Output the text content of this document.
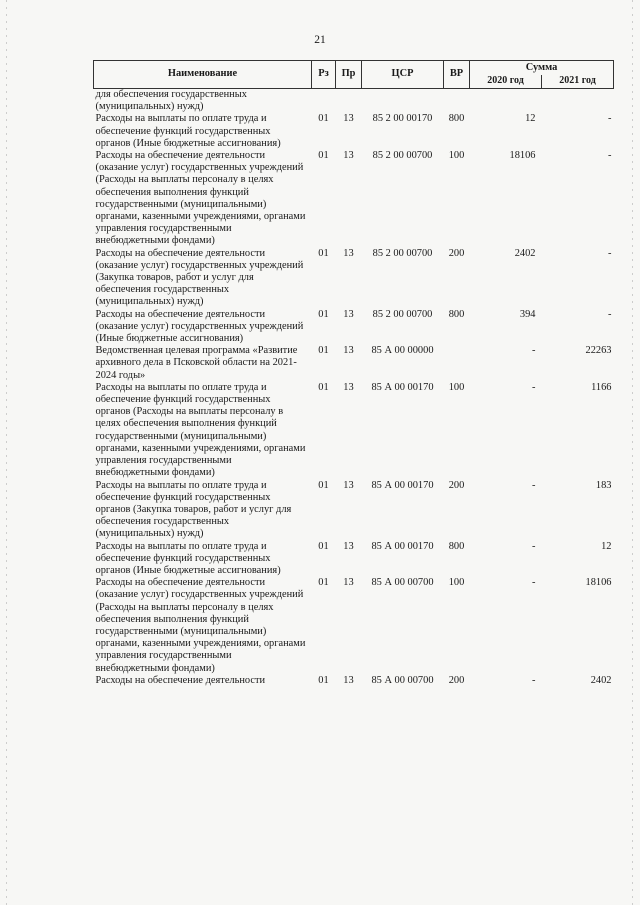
21
Наименование	Рз	Пр	ЦСР	ВР	Сумма	
					2020 год	2021 год
для обеспечения государственных (муниципальных) нужд)						
Расходы на выплаты по оплате труда и обеспечение функций государственных органов (Иные бюджетные ассигнования)	01	13	85 2 00 00170	800	12	-
Расходы на обеспечение деятельности (оказание услуг) государственных учреждений (Расходы на выплаты персоналу в целях обеспечения выполнения функций государственными (муниципальными) органами, казенными учреждениями, органами управления государственными внебюджетными фондами)	01	13	85 2 00 00700	100	18106	-
Расходы на обеспечение деятельности (оказание услуг) государственных учреждений (Закупка товаров, работ и услуг для обеспечения государственных (муниципальных) нужд)	01	13	85 2 00 00700	200	2402	-
Расходы на обеспечение деятельности (оказание услуг) государственных учреждений (Иные бюджетные ассигнования)	01	13	85 2 00 00700	800	394	-
Ведомственная целевая программа «Развитие архивного дела в Псковской области на 2021-2024 годы»	01	13	85 А 00 00000		-	22263
Расходы на выплаты по оплате труда и обеспечение функций государственных органов (Расходы на выплаты персоналу в целях обеспечения выполнения функций государственными (муниципальными) органами, казенными учреждениями, органами управления государственными внебюджетными фондами)	01	13	85 А 00 00170	100	-	1166
Расходы на выплаты по оплате труда и обеспечение функций государственных органов (Закупка товаров, работ и услуг для обеспечения государственных (муниципальных) нужд)	01	13	85 А 00 00170	200	-	183
Расходы на выплаты по оплате труда и обеспечение функций государственных органов (Иные бюджетные ассигнования)	01	13	85 А 00 00170	800	-	12
Расходы на обеспечение деятельности (оказание услуг) государственных учреждений (Расходы на выплаты персоналу в целях обеспечения выполнения функций государственными (муниципальными) органами, казенными учреждениями, органами управления государственными внебюджетными фондами)	01	13	85 А 00 00700	100	-	18106
Расходы на обеспечение деятельности	01	13	85 А 00 00700	200	-	2402
